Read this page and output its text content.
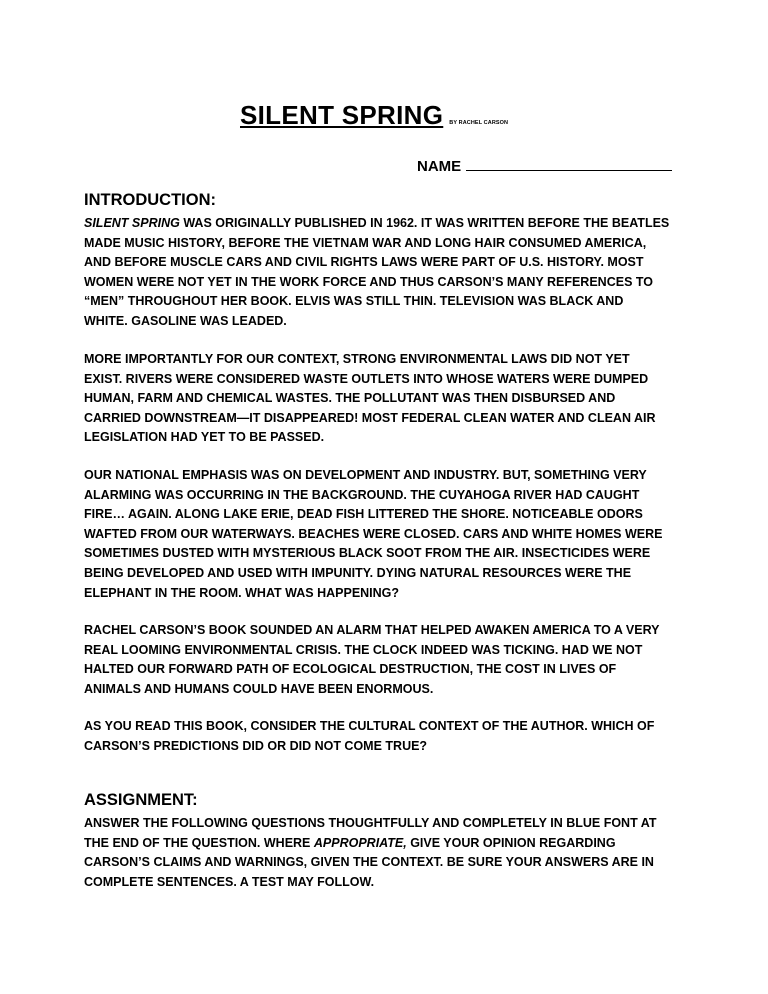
SILENT SPRING BY RACHEL CARSON
NAME
INTRODUCTION:
SILENT SPRING WAS ORIGINALLY PUBLISHED IN 1962. IT WAS WRITTEN BEFORE THE BEATLES
MADE MUSIC HISTORY, BEFORE THE VIETNAM WAR AND LONG HAIR CONSUMED AMERICA,
AND BEFORE MUSCLE CARS AND CIVIL RIGHTS LAWS WERE PART OF U.S. HISTORY. MOST
WOMEN WERE NOT YET IN THE WORK FORCE AND THUS CARSON’S MANY REFERENCES TO
“MEN” THROUGHOUT HER BOOK. ELVIS WAS STILL THIN. TELEVISION WAS BLACK AND
WHITE. GASOLINE WAS LEADED.
MORE IMPORTANTLY FOR OUR CONTEXT, STRONG ENVIRONMENTAL LAWS DID NOT YET
EXIST. RIVERS WERE CONSIDERED WASTE OUTLETS INTO WHOSE WATERS WERE DUMPED
HUMAN, FARM AND CHEMICAL WASTES. THE POLLUTANT WAS THEN DISBURSED AND
CARRIED DOWNSTREAM—IT DISAPPEARED! MOST FEDERAL CLEAN WATER AND CLEAN AIR
LEGISLATION HAD YET TO BE PASSED.
OUR NATIONAL EMPHASIS WAS ON DEVELOPMENT AND INDUSTRY. BUT, SOMETHING VERY
ALARMING WAS OCCURRING IN THE BACKGROUND. THE CUYAHOGA RIVER HAD CAUGHT
FIRE… AGAIN. ALONG LAKE ERIE, DEAD FISH LITTERED THE SHORE. NOTICEABLE ODORS
WAFTED FROM OUR WATERWAYS. BEACHES WERE CLOSED. CARS AND WHITE HOMES WERE
SOMETIMES DUSTED WITH MYSTERIOUS BLACK SOOT FROM THE AIR. INSECTICIDES WERE
BEING DEVELOPED AND USED WITH IMPUNITY. DYING NATURAL RESOURCES WERE THE
ELEPHANT IN THE ROOM. WHAT WAS HAPPENING?
RACHEL CARSON’S BOOK SOUNDED AN ALARM THAT HELPED AWAKEN AMERICA TO A VERY
REAL LOOMING ENVIRONMENTAL CRISIS. THE CLOCK INDEED WAS TICKING. HAD WE NOT
HALTED OUR FORWARD PATH OF ECOLOGICAL DESTRUCTION, THE COST IN LIVES OF
ANIMALS AND HUMANS COULD HAVE BEEN ENORMOUS.
AS YOU READ THIS BOOK, CONSIDER THE CULTURAL CONTEXT OF THE AUTHOR. WHICH OF
CARSON’S PREDICTIONS DID OR DID NOT COME TRUE?
ASSIGNMENT:
ANSWER THE FOLLOWING QUESTIONS THOUGHTFULLY AND COMPLETELY IN BLUE FONT AT
THE END OF THE QUESTION. WHERE APPROPRIATE, GIVE YOUR OPINION REGARDING
CARSON’S CLAIMS AND WARNINGS, GIVEN THE CONTEXT. BE SURE YOUR ANSWERS ARE IN
COMPLETE SENTENCES. A TEST MAY FOLLOW.
